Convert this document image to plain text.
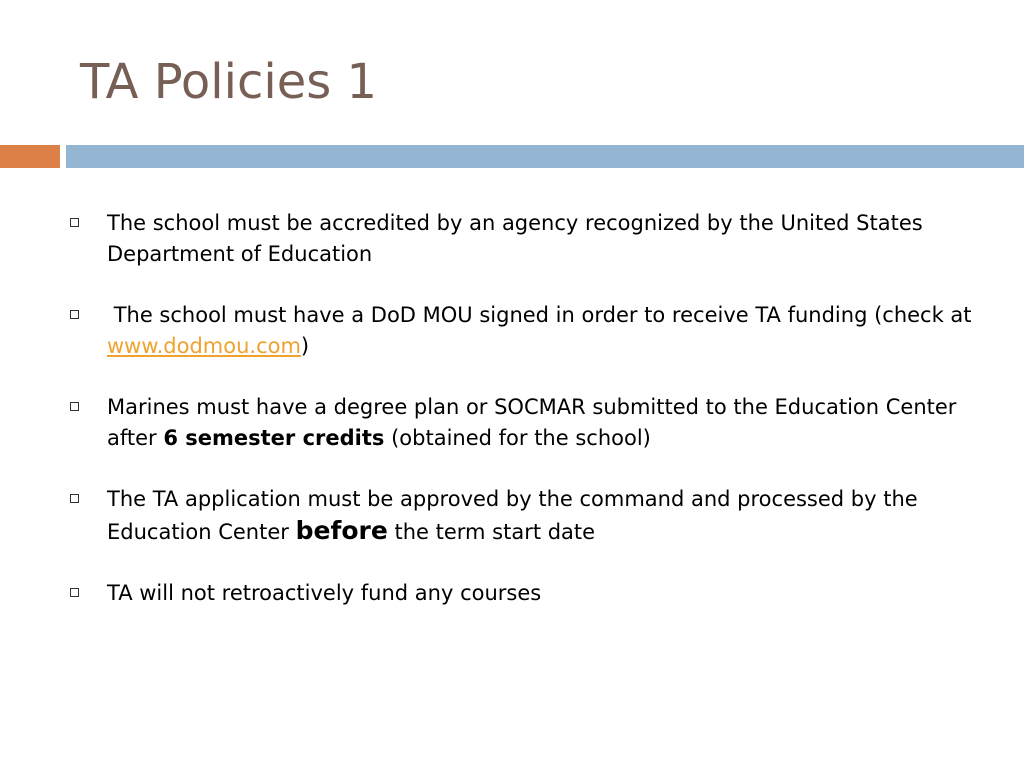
TA Policies 1
The school must be accredited by an agency recognized by the United States Department of Education
The school must have a DoD MOU signed in order to receive TA funding (check at www.dodmou.com)
Marines must have a degree plan or SOCMAR submitted to the Education Center after 6 semester credits (obtained for the school)
The TA application must be approved by the command and processed by the Education Center before the term start date
TA will not retroactively fund any courses
